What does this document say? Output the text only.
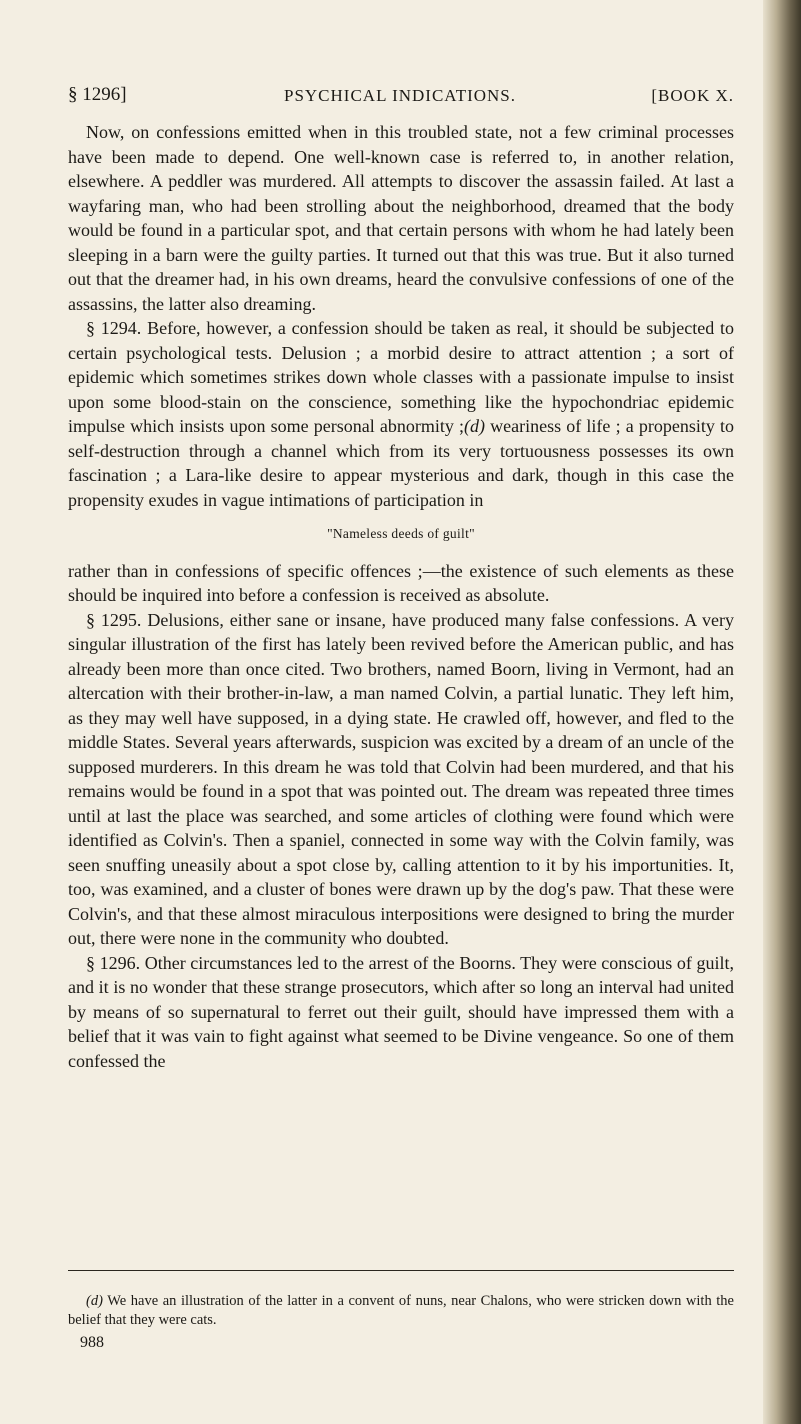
§ 1296]	PSYCHICAL INDICATIONS.	[BOOK X.

Now, on confessions emitted when in this troubled state, not a few criminal processes have been made to depend. One well-known case is referred to, in another relation, elsewhere. A peddler was murdered. All attempts to discover the assassin failed. At last a wayfaring man, who had been strolling about the neighborhood, dreamed that the body would be found in a particular spot, and that certain persons with whom he had lately been sleeping in a barn were the guilty parties. It turned out that this was true. But it also turned out that the dreamer had, in his own dreams, heard the convulsive confessions of one of the assassins, the latter also dreaming.

§ 1294. Before, however, a confession should be taken as real, it should be subjected to certain psychological tests. Delusion ; a morbid desire to attract attention ; a sort of epidemic which sometimes strikes down whole classes with a passionate impulse to insist upon some blood-stain on the conscience, something like the hypochondriac epidemic impulse which insists upon some personal abnormity ;(d) weariness of life ; a propensity to self-destruction through a channel which from its very tortuousness possesses its own fascination ; a Lara-like desire to appear mysterious and dark, though in this case the propensity exudes in vague intimations of participation in

"Nameless deeds of guilt"

rather than in confessions of specific offences ;—the existence of such elements as these should be inquired into before a confession is received as absolute.

§ 1295. Delusions, either sane or insane, have produced many false confessions. A very singular illustration of the first has lately been revived before the American public, and has already been more than once cited. Two brothers, named Boorn, living in Vermont, had an altercation with their brother-in-law, a man named Colvin, a partial lunatic. They left him, as they may well have supposed, in a dying state. He crawled off, however, and fled to the middle States. Several years afterwards, suspicion was excited by a dream of an uncle of the supposed murderers. In this dream he was told that Colvin had been murdered, and that his remains would be found in a spot that was pointed out. The dream was repeated three times until at last the place was searched, and some articles of clothing were found which were identified as Colvin's. Then a spaniel, connected in some way with the Colvin family, was seen snuffing uneasily about a spot close by, calling attention to it by his importunities. It, too, was examined, and a cluster of bones were drawn up by the dog's paw. That these were Colvin's, and that these almost miraculous interpositions were designed to bring the murder out, there were none in the community who doubted.

§ 1296. Other circumstances led to the arrest of the Boorns. They were conscious of guilt, and it is no wonder that these strange prosecutors, which after so long an interval had united by means of so supernatural to ferret out their guilt, should have impressed them with a belief that it was vain to fight against what seemed to be Divine vengeance. So one of them confessed the

(d) We have an illustration of the latter in a convent of nuns, near Chalons, who were stricken down with the belief that they were cats.

988
